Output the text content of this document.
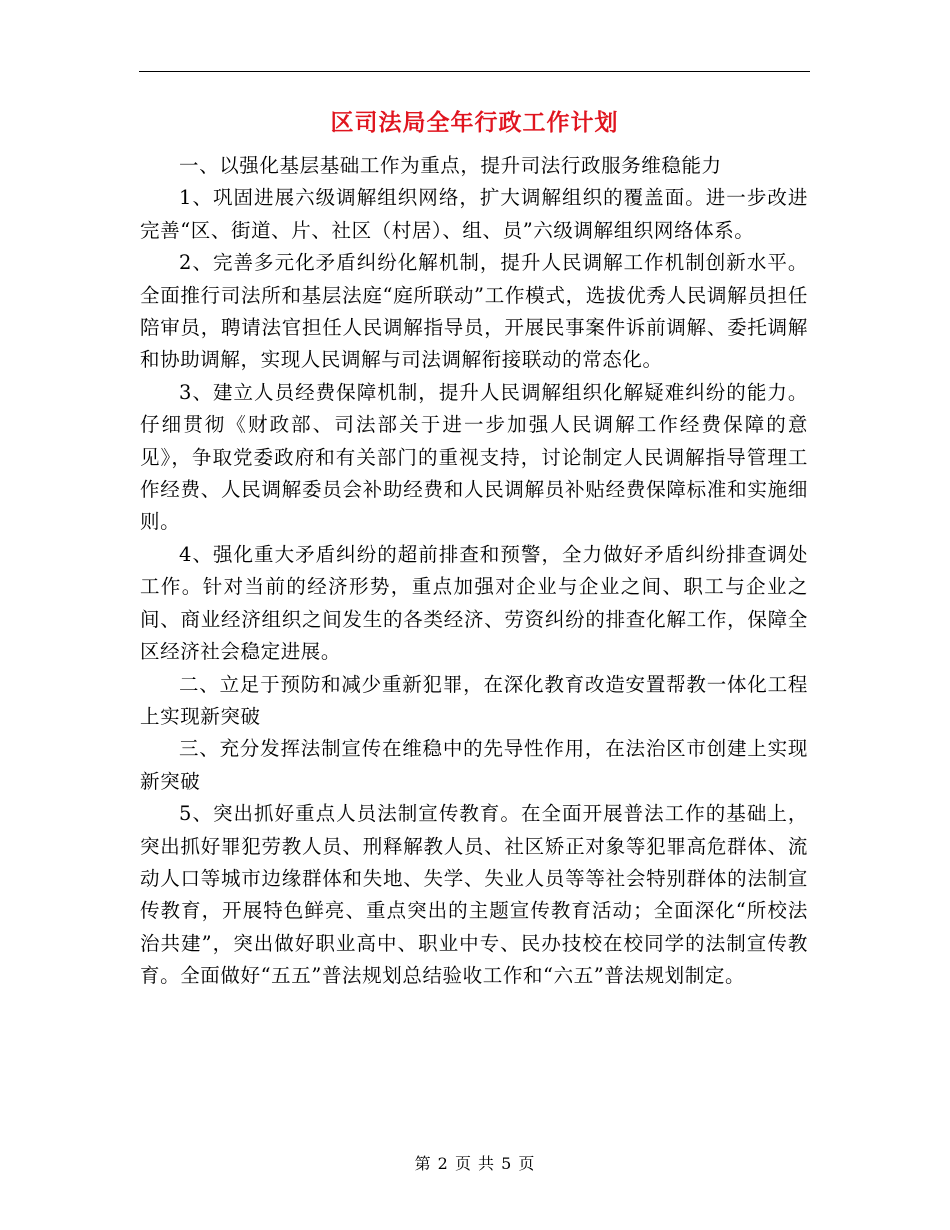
区司法局全年行政工作计划

一、以强化基层基础工作为重点，提升司法行政服务维稳能力

1、巩固进展六级调解组织网络，扩大调解组织的覆盖面。进一步改进完善“区、街道、片、社区（村居）、组、员”六级调解组织网络体系。

2、完善多元化矛盾纠纷化解机制，提升人民调解工作机制创新水平。全面推行司法所和基层法庭“庭所联动”工作模式，选拔优秀人民调解员担任陪审员，聘请法官担任人民调解指导员，开展民事案件诉前调解、委托调解和协助调解，实现人民调解与司法调解衔接联动的常态化。

3、建立人员经费保障机制，提升人民调解组织化解疑难纠纷的能力。仔细贯彻《财政部、司法部关于进一步加强人民调解工作经费保障的意见》，争取党委政府和有关部门的重视支持，讨论制定人民调解指导管理工作经费、人民调解委员会补助经费和人民调解员补贴经费保障标准和实施细则。

4、强化重大矛盾纠纷的超前排查和预警，全力做好矛盾纠纷排查调处工作。针对当前的经济形势，重点加强对企业与企业之间、职工与企业之间、商业经济组织之间发生的各类经济、劳资纠纷的排查化解工作，保障全区经济社会稳定进展。

二、立足于预防和减少重新犯罪，在深化教育改造安置帮教一体化工程上实现新突破

三、充分发挥法制宣传在维稳中的先导性作用，在法治区市创建上实现新突破

5、突出抓好重点人员法制宣传教育。在全面开展普法工作的基础上，突出抓好罪犯劳教人员、刑释解教人员、社区矫正对象等犯罪高危群体、流动人口等城市边缘群体和失地、失学、失业人员等等社会特别群体的法制宣传教育，开展特色鲜亮、重点突出的主题宣传教育活动；全面深化“所校法治共建”，突出做好职业高中、职业中专、民办技校在校同学的法制宣传教育。全面做好“五五”普法规划总结验收工作和“六五”普法规划制定。

第 2 页 共 5 页
